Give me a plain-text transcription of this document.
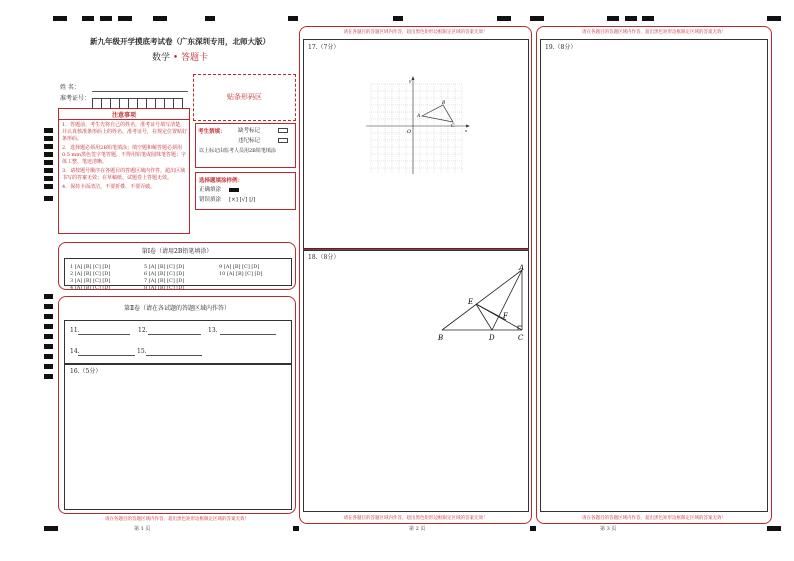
新九年级开学摸底考试卷（广东深圳专用，北师大版）
数学 • 答题卡
姓 名：
准考证号：	贴条形码区
注意事项
1．答题前，考生先将自己的姓名，准考证号填写清楚，并认真核准条形码上的姓名、准考证号，在规定位置贴好条形码。
2．选择题必须用2B铅笔填涂；填空题和解答题必须用0.5 mm黑色签字笔答题，不得用铅笔或圆珠笔答题；字体工整、笔迹清晰。
3．请按题号顺序在各题目的答题区域内作答，超出区域书写的答案无效；在草稿纸、试题卷上答题无效。
4．保持卡面清洁，不要折叠、不要弄破。
考生禁填： 缺考标记
违纪标记
以上标记由监考人员用2B铅笔填涂
选择题填涂样例：
正确填涂
错误填涂 [×] [√] [/]
第Ⅰ卷（请用2B铅笔填涂）
1 [A] [B] [C] [D]
2 [A] [B] [C] [D]
3 [A] [B] [C] [D]
4 [A] [B] [C] [D]
5 [A] [B] [C] [D]
6 [A] [B] [C] [D]
7 [A] [B] [C] [D]
8 [A] [B] [C] [D]
9 [A] [B] [C] [D]
10 [A] [B] [C] [D]
第Ⅱ卷（请在各试题的答题区域内作答）
11.	12.	13.
14.	15.
16.（5分）
请在各题目的答题区域内作答，超出黑色矩形边框限定区域的答案无效！
第 1 页
请在各题目的答题区域内作答，超出黑色矩形边框限定区域的答案无效！
17.（7分）
y
x
O
A
B
C
18.（8分）
A
B	C
D
E
F
请在各题目的答题区域内作答，超出黑色矩形边框限定区域的答案无效！
第 2 页
请在各题目的答题区域内作答，超出黑色矩形边框限定区域的答案无效！
19.（8分）
请在各题目的答题区域内作答，超出黑色矩形边框限定区域的答案无效！
第 3 页
